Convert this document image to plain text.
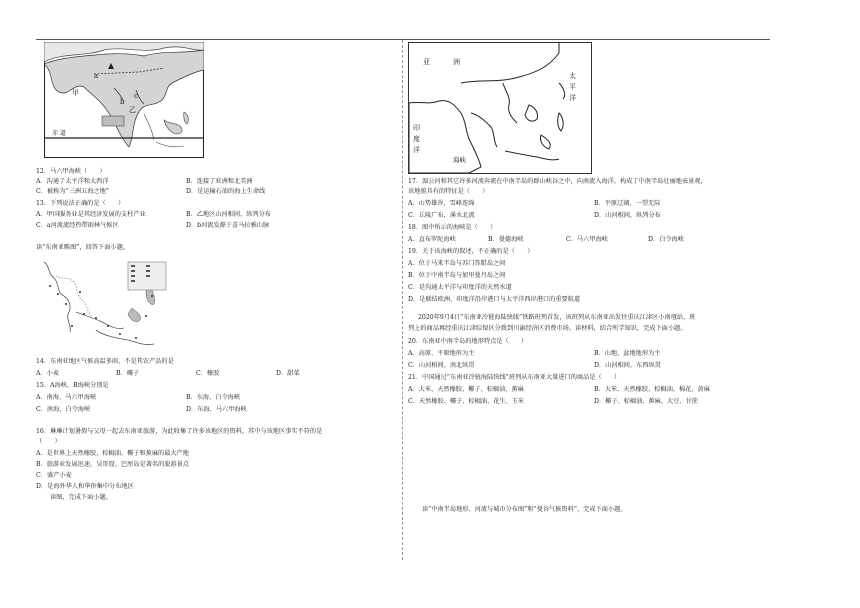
a
c
b
甲
乙
赤 道
12．马六甲海峡（　　）
A．沟通了太平洋和大西洋	B．连接了亚洲和北美洲
C．被称为“三洲五海之地”	D．是运输石油的海上生命线
13．下列说法正确的是（　　）
A．甲国服务业是其经济发展的支柱产业	B．乙地区山河相间，纵列分布
C．a河流流经热带雨林气候区	D．b河流发源于喜马拉雅山脉
读“东南亚略图”，回答下面小题。
14．东南亚地区气候高温多雨，不是其农产品的是
A．小麦	B．椰子	C．橡胶	D．甜菜
15．A海峡、B海峡分别是
A．南海、马六甲海峡	B．东海、白令海峡
C．南海、白令海峡	D．东海、马六甲海峡
16．琳琳计划暑假与父母一起去东南亚旅游，为此收集了许多该地区的资料，其中与该地区事实不符的是
（　　）
A．是世界上天然橡胶、棕榈油、椰子和蕉麻的最大产地
B．旅游业发展迅速，吴哥窟、巴厘岛是著名的旅游景点
C．盛产小麦
D．是海外华人和华侨集中分布地区
读图，完成下面小题。
亚　洲
太平洋
印度洋
海峡
17．湄公河和其它许多河流奔流在中南半岛的群山峡谷之中，向南流入海洋，构成了中南半岛壮丽地表景观，
该地貌具有的特征是（　　）
A．山势雄浑，雪峰连绵	B．平原辽阔，一望无际
C．丘陵广布，溪水北流	D．山河相间，纵列分布
18．图中所示的海峡是（　　）
A．直布罗陀海峡	B．曼德海峡	C．马六甲海峡	D．白令海峡
19．关于该海峡的叙述，不正确的是（　　）
A．位于马来半岛与苏门答腊岛之间
B．位于中南半岛与加里曼丹岛之间
C．是沟通太平洋与印度洋的天然水道
D．是联结欧洲、印度洋沿岸港口与太平洋西岸港口的重要航道
2020年9月4日“东南亚冷链海陆快线”铁路班列首发，该班列从东南亚出发往重庆江津区小南垭站，班
列上的商品再经重庆江津综保区分拨到川渝经济区消费市场。读材料，结合所学知识，完成下面小题。
20．东南亚中南半岛的地形特点是（　　）
A．高原、平原地形为主	B．山地、盆地地形为主
C．山河相间、南北纵贯	D．山河相间、东西纵贯
21．中国通过“东南亚冷链海陆快线”班列从东南亚大量进口的商品是（　　）
A．大米、天然橡胶、椰子、棕榈油、蕉麻	B．大米、天然橡胶、棕榈油、棉花、黄麻
C．天然橡胶、椰子、棕榈油、花生、玉米	D．椰子、棕榈油、蕉麻、大豆、甘蔗
读“中南半岛地形、河流与城市分布图”和“曼谷气候资料”，完成下面小题。
